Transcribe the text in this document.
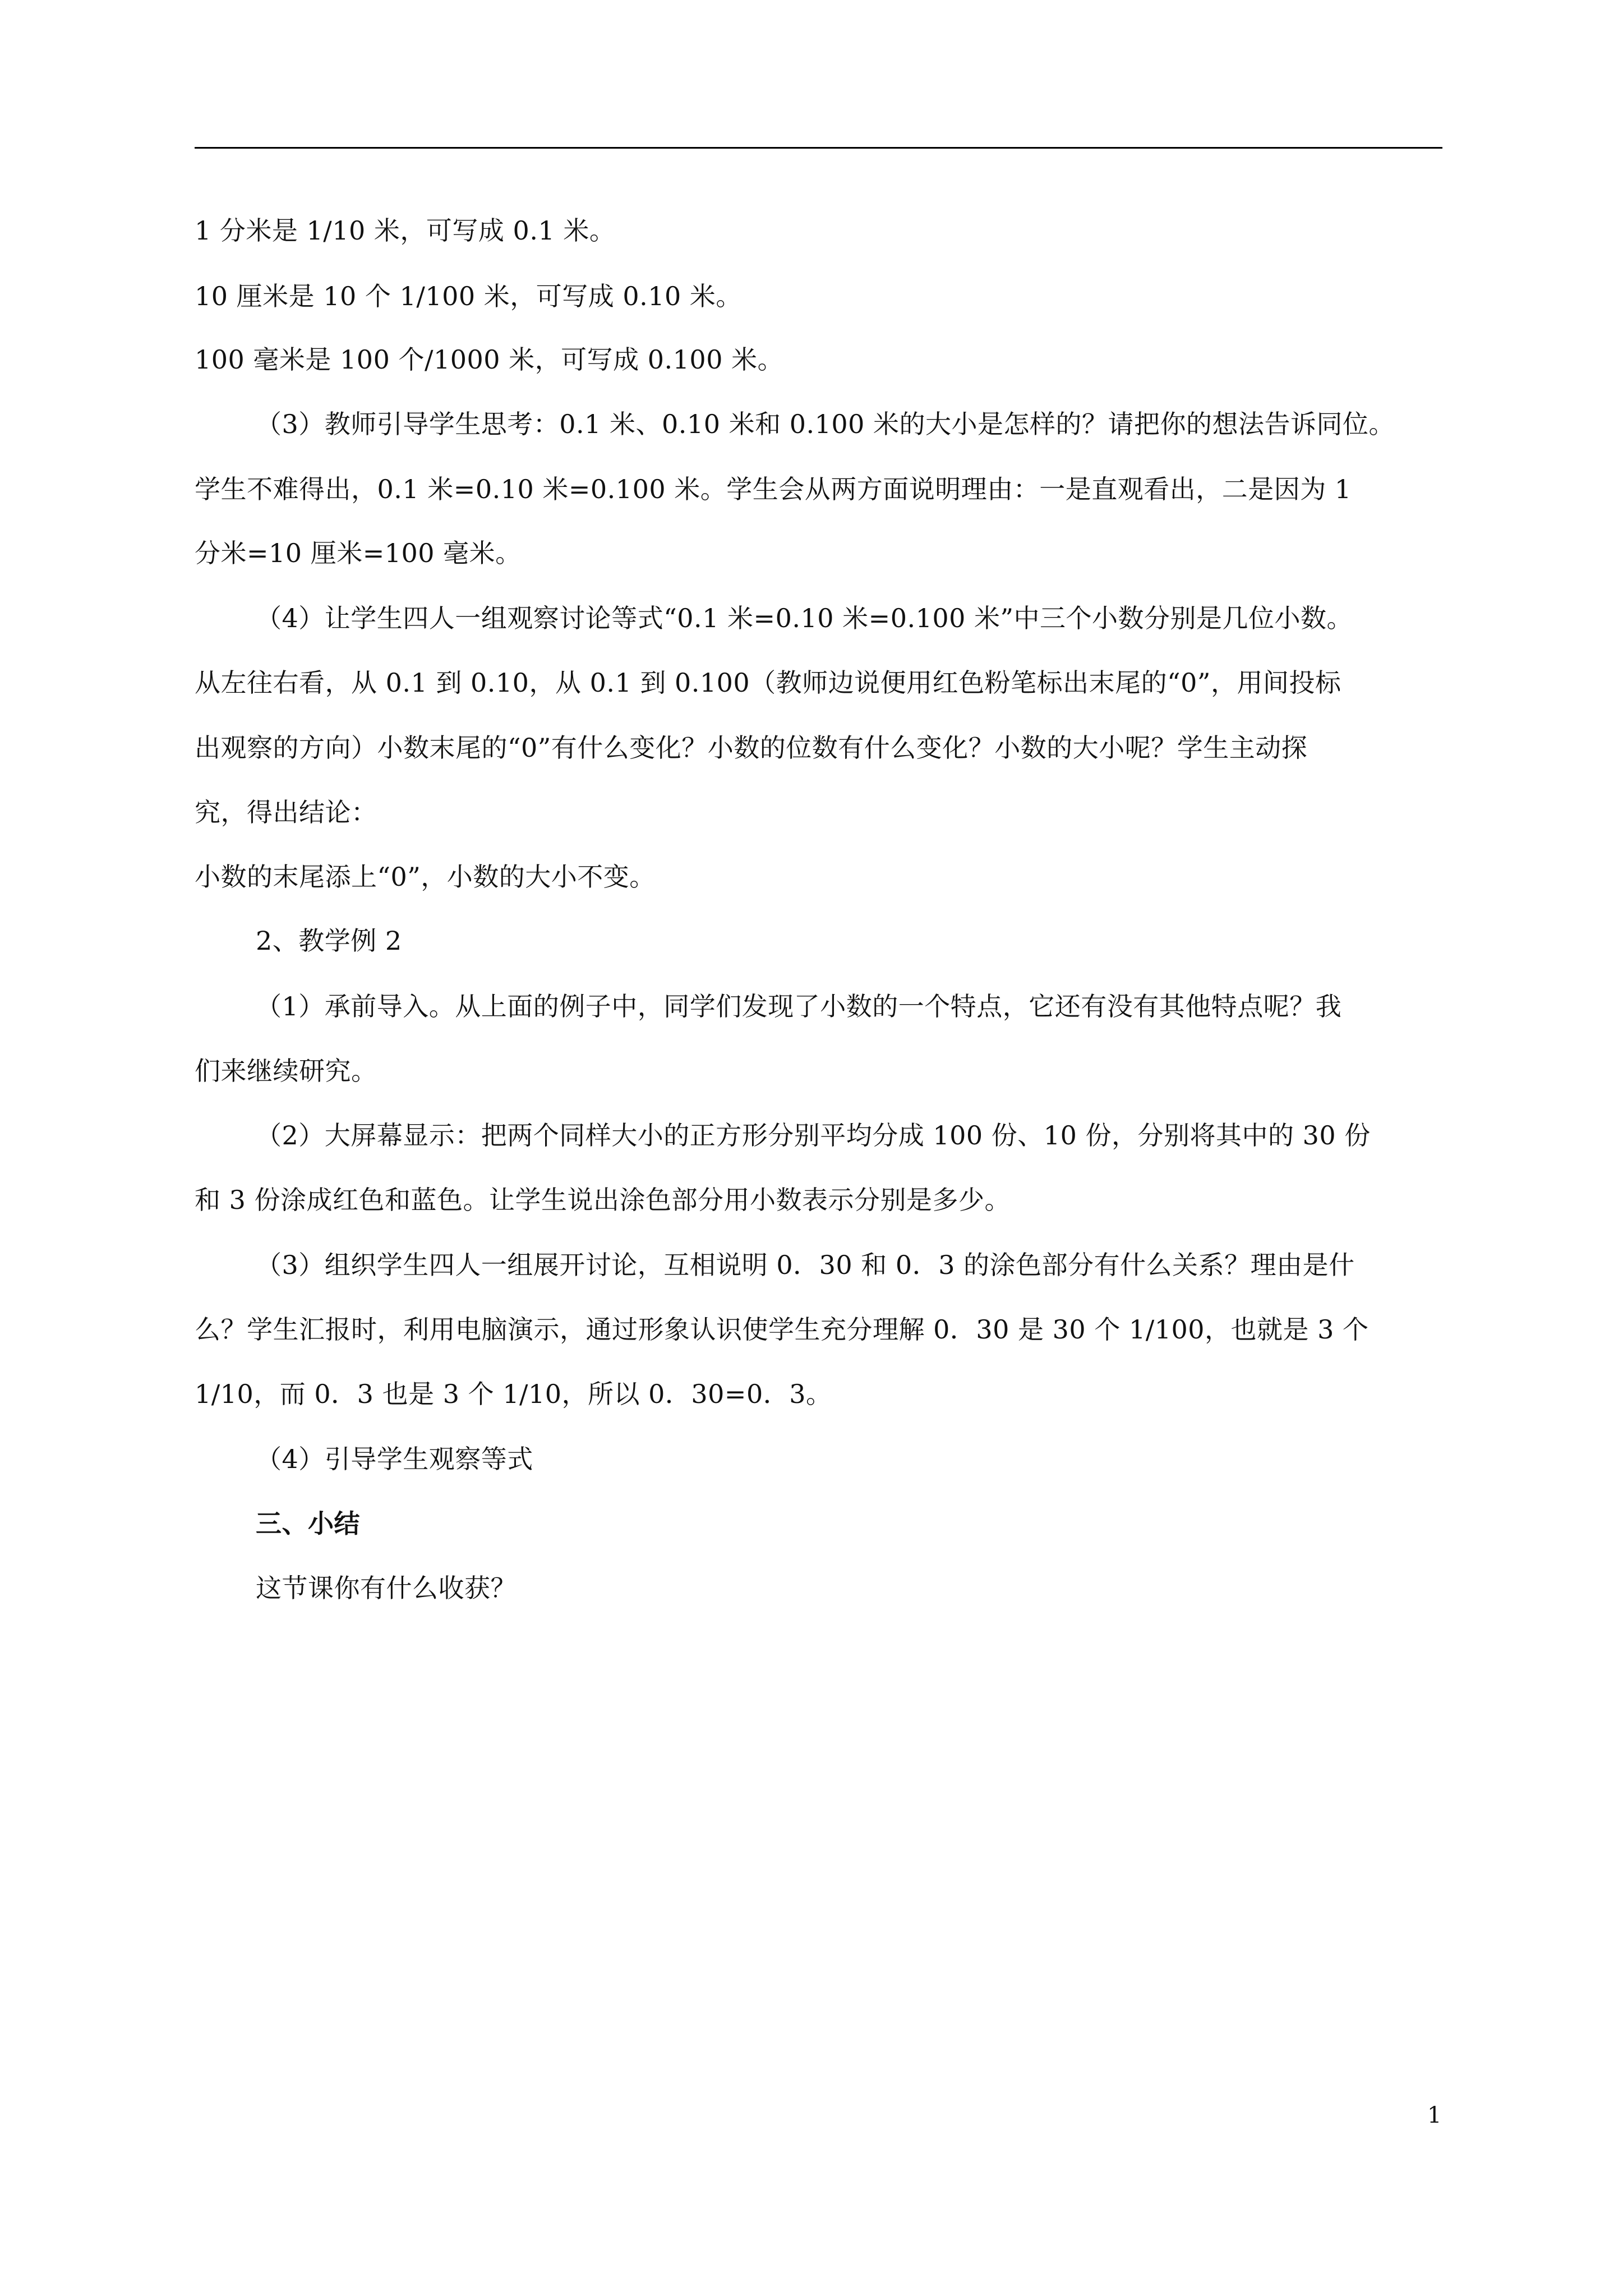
1 分米是 1/10 米，可写成 0.1 米。
10 厘米是 10 个 1/100 米，可写成 0.10 米。
100 毫米是 100 个/1000 米，可写成 0.100 米。
（3）教师引导学生思考：0.1 米、0.10 米和 0.100 米的大小是怎样的？请把你的想法告诉同位。
学生不难得出，0.1 米=0.10 米=0.100 米。学生会从两方面说明理由：一是直观看出，二是因为 1
分米=10 厘米=100 毫米。
（4）让学生四人一组观察讨论等式“0.1 米=0.10 米=0.100 米”中三个小数分别是几位小数。
从左往右看，从 0.1 到 0.10，从 0.1 到 0.100（教师边说便用红色粉笔标出末尾的“0”，用间投标
出观察的方向）小数末尾的“0”有什么变化？小数的位数有什么变化？小数的大小呢？学生主动探
究，得出结论：
小数的末尾添上“0”，小数的大小不变。
2、教学例 2
（1）承前导入。从上面的例子中，同学们发现了小数的一个特点，它还有没有其他特点呢？我
们来继续研究。
（2）大屏幕显示：把两个同样大小的正方形分别平均分成 100 份、10 份，分别将其中的 30 份
和 3 份涂成红色和蓝色。让学生说出涂色部分用小数表示分别是多少。
（3）组织学生四人一组展开讨论，互相说明 0．30 和 0．3 的涂色部分有什么关系？理由是什
么？学生汇报时，利用电脑演示，通过形象认识使学生充分理解 0．30 是 30 个 1/100，也就是 3 个
1/10，而 0．3 也是 3 个 1/10，所以 0．30=0．3。
（4）引导学生观察等式
三、小结
这节课你有什么收获？
1
